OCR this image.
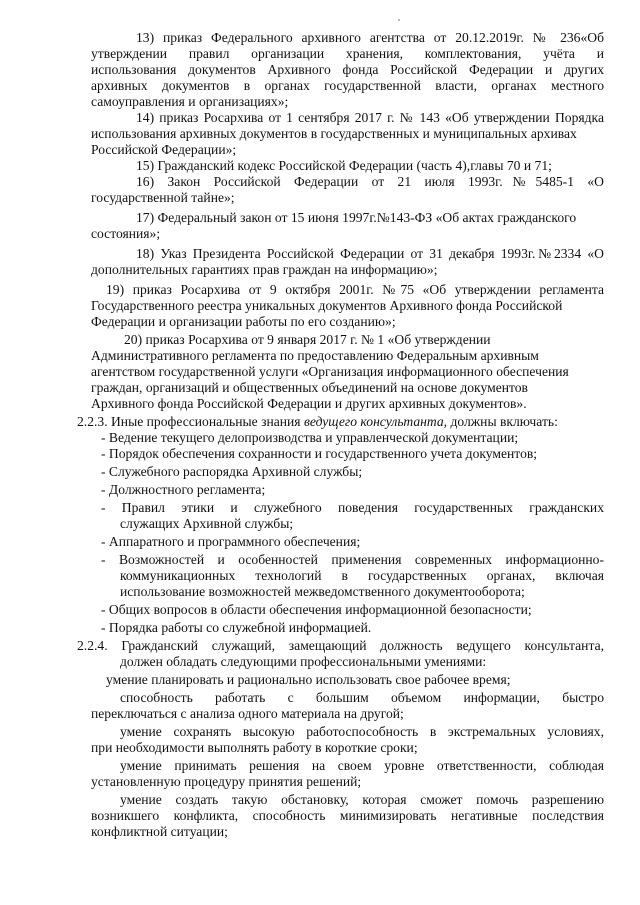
13) приказ Федерального архивного агентства от 20.12.2019г. № 236«Об
утверждении правил организации хранения, комплектования, учёта и
использования документов Архивного фонда Российской Федерации и других
архивных документов в органах государственной власти, органах местного
самоуправления и организациях»;
14) приказ Росархива от 1 сентября 2017 г. № 143 «Об утверждении Порядка
использования архивных документов в государственных и муниципальных архивах
Российской Федерации»;
15) Гражданский кодекс Российской Федерации (часть 4),главы 70 и 71;
16) Закон Российской Федерации от 21 июля 1993г.№5485-1 «О
государственной тайне»;
17) Федеральный закон от 15 июня 1997г.№143-ФЗ «Об актах гражданского
состояния»;
18) Указ Президента Российской Федерации от 31 декабря 1993г.№2334 «О
дополнительных гарантиях прав граждан на информацию»;
19) приказ Росархива от 9 октября 2001г. №75 «Об утверждении регламента
Государственного реестра уникальных документов Архивного фонда Российской
Федерации и организации работы по его созданию»;
20) приказ Росархива от 9 января 2017 г. № 1 «Об утверждении
Административного регламента по предоставлению Федеральным архивным
агентством государственной услуги «Организация информационного обеспечения
граждан, организаций и общественных объединений на основе документов
Архивного фонда Российской Федерации и других архивных документов».
2.2.3. Иные профессиональные знания ведущего консультанта, должны включать:
- Ведение текущего делопроизводства и управленческой документации;
- Порядок обеспечения сохранности и государственного учета документов;
- Служебного распорядка Архивной службы;
- Должностного регламента;
- Правил этики и служебного поведения государственных гражданских
служащих Архивной службы;
- Аппаратного и программного обеспечения;
- Возможностей и особенностей применения современных информационно-
коммуникационных технологий в государственных органах, включая
использование возможностей межведомственного документооборота;
- Общих вопросов в области обеспечения информационной безопасности;
- Порядка работы со служебной информацией.
2.2.4. Гражданский служащий, замещающий должность ведущего консультанта,
должен обладать следующими профессиональными умениями:
умение планировать и рационально использовать свое рабочее время;
способность работать с большим объемом информации, быстро
переключаться с анализа одного материала на другой;
умение сохранять высокую работоспособность в экстремальных условиях,
при необходимости выполнять работу в короткие сроки;
умение принимать решения на своем уровне ответственности, соблюдая
установленную процедуру принятия решений;
умение создать такую обстановку, которая сможет помочь разрешению
возникшего конфликта, способность минимизировать негативные последствия
конфликтной ситуации;
